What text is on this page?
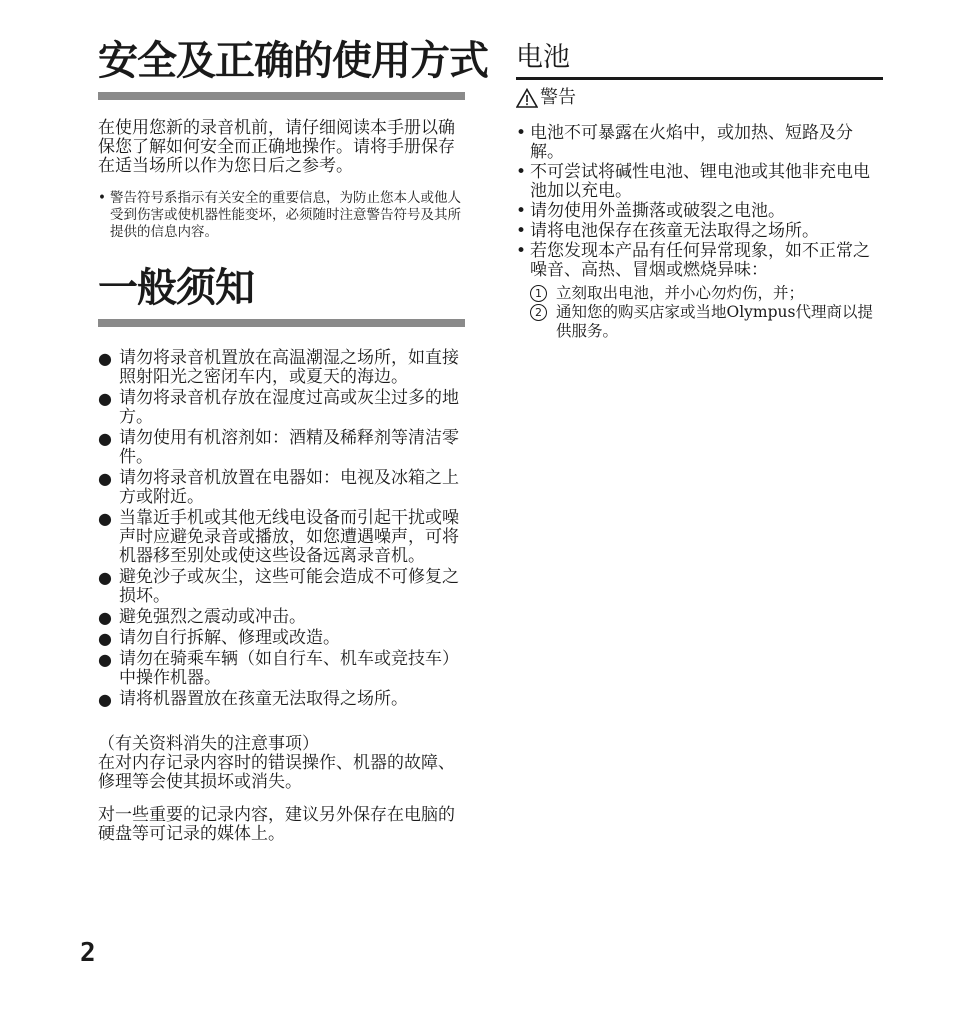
安全及正确的使用方式
在使用您新的录音机前，请仔细阅读本手册以确保您了解如何安全而正确地操作。请将手册保存在适当场所以作为您日后之参考。
• 警告符号系指示有关安全的重要信息，为防止您本人或他人受到伤害或使机器性能变坏，必须随时注意警告符号及其所提供的信息内容。
一般须知
● 请勿将录音机置放在高温潮湿之场所，如直接照射阳光之密闭车内，或夏天的海边。
● 请勿将录音机存放在湿度过高或灰尘过多的地方。
● 请勿使用有机溶剂如：酒精及稀释剂等清洁零件。
● 请勿将录音机放置在电器如：电视及冰箱之上方或附近。
● 当靠近手机或其他无线电设备而引起干扰或噪声时应避免录音或播放，如您遭遇噪声，可将机器移至别处或使这些设备远离录音机。
● 避免沙子或灰尘，这些可能会造成不可修复之损坏。
● 避免强烈之震动或冲击。
● 请勿自行拆解、修理或改造。
● 请勿在骑乘车辆（如自行车、机车或竞技车）中操作机器。
● 请将机器置放在孩童无法取得之场所。
（有关资料消失的注意事项）
在对内存记录内容时的错误操作、机器的故障、修理等会使其损坏或消失。
对一些重要的记录内容，建议另外保存在电脑的硬盘等可记录的媒体上。
电池
警告
• 电池不可暴露在火焰中，或加热、短路及分解。
• 不可尝试将碱性电池、锂电池或其他非充电电池加以充电。
• 请勿使用外盖撕落或破裂之电池。
• 请将电池保存在孩童无法取得之场所。
• 若您发现本产品有任何异常现象，如不正常之噪音、高热、冒烟或燃烧异味：
1 立刻取出电池，并小心勿灼伤，并；
2 通知您的购买店家或当地Olympus代理商以提供服务。
2
